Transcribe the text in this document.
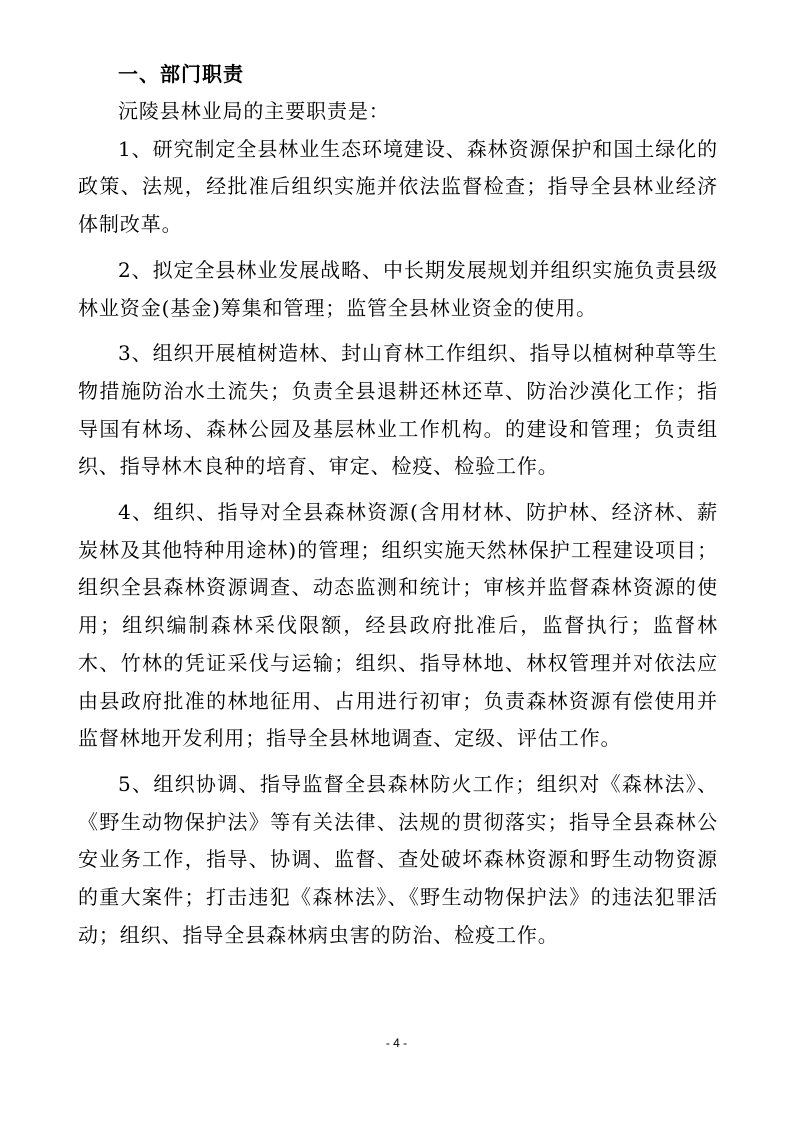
一、部门职责

沅陵县林业局的主要职责是：

1、研究制定全县林业生态环境建设、森林资源保护和国土绿化的政策、法规，经批准后组织实施并依法监督检查；指导全县林业经济体制改革。

2、拟定全县林业发展战略、中长期发展规划并组织实施负责县级林业资金(基金)筹集和管理；监管全县林业资金的使用。

3、组织开展植树造林、封山育林工作组织、指导以植树种草等生物措施防治水土流失；负责全县退耕还林还草、防治沙漠化工作；指导国有林场、森林公园及基层林业工作机构。的建设和管理；负责组织、指导林木良种的培育、审定、检疫、检验工作。

4、组织、指导对全县森林资源(含用材林、防护林、经济林、薪炭林及其他特种用途林)的管理；组织实施天然林保护工程建设项目；组织全县森林资源调查、动态监测和统计；审核并监督森林资源的使用；组织编制森林采伐限额，经县政府批准后，监督执行；监督林木、竹林的凭证采伐与运输；组织、指导林地、林权管理并对依法应由县政府批准的林地征用、占用进行初审；负责森林资源有偿使用并监督林地开发利用；指导全县林地调查、定级、评估工作。

5、组织协调、指导监督全县森林防火工作；组织对《森林法》、《野生动物保护法》等有关法律、法规的贯彻落实；指导全县森林公安业务工作，指导、协调、监督、查处破坏森林资源和野生动物资源的重大案件；打击违犯《森林法》、《野生动物保护法》的违法犯罪活动；组织、指导全县森林病虫害的防治、检疫工作。

- 4 -
